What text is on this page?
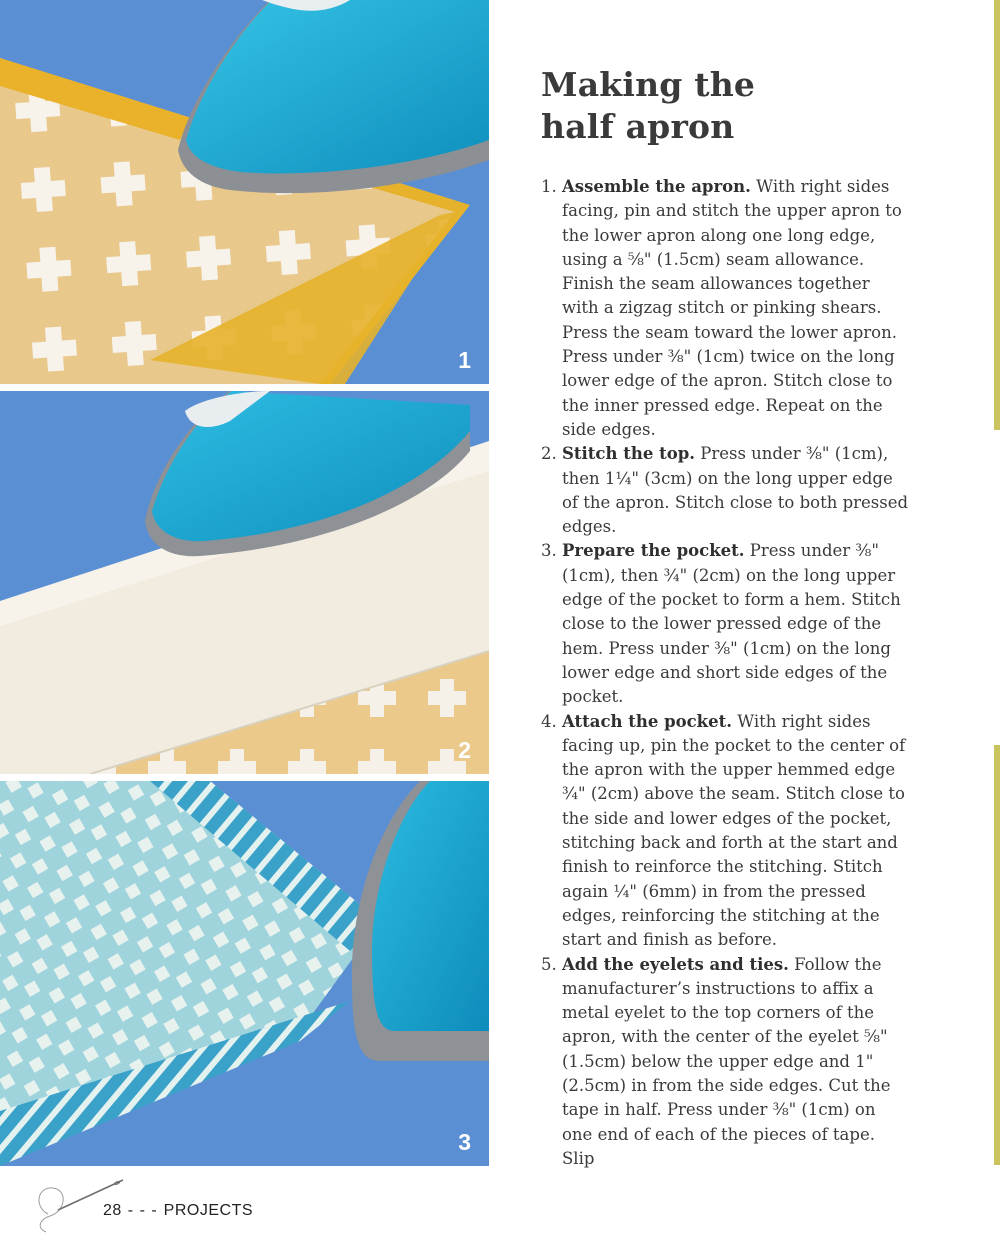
1
2
3
Making the
half apron
1. Assemble the apron. With right sides facing, pin and stitch the upper apron to the lower apron along one long edge, using a ⅝" (1.5cm) seam allowance. Finish the seam allowances together with a zigzag stitch or pinking shears. Press the seam toward the lower apron. Press under ⅜" (1cm) twice on the long lower edge of the apron. Stitch close to the inner pressed edge. Repeat on the side edges.
2. Stitch the top. Press under ⅜" (1cm), then 1¼" (3cm) on the long upper edge of the apron. Stitch close to both pressed edges.
3. Prepare the pocket. Press under ⅜" (1cm), then ¾" (2cm) on the long upper edge of the pocket to form a hem. Stitch close to the lower pressed edge of the hem. Press under ⅜" (1cm) on the long lower edge and short side edges of the pocket.
4. Attach the pocket. With right sides facing up, pin the pocket to the center of the apron with the upper hemmed edge ¾" (2cm) above the seam. Stitch close to the side and lower edges of the pocket, stitching back and forth at the start and finish to reinforce the stitching. Stitch again ¼" (6mm) in from the pressed edges, reinforcing the stitching at the start and finish as before.
5. Add the eyelets and ties. Follow the manufacturer’s instructions to affix a metal eyelet to the top corners of the apron, with the center of the eyelet ⅝" (1.5cm) below the upper edge and 1" (2.5cm) in from the side edges. Cut the tape in half. Press under ⅜" (1cm) on one end of each of the pieces of tape. Slip
28 - - - PROJECTS
